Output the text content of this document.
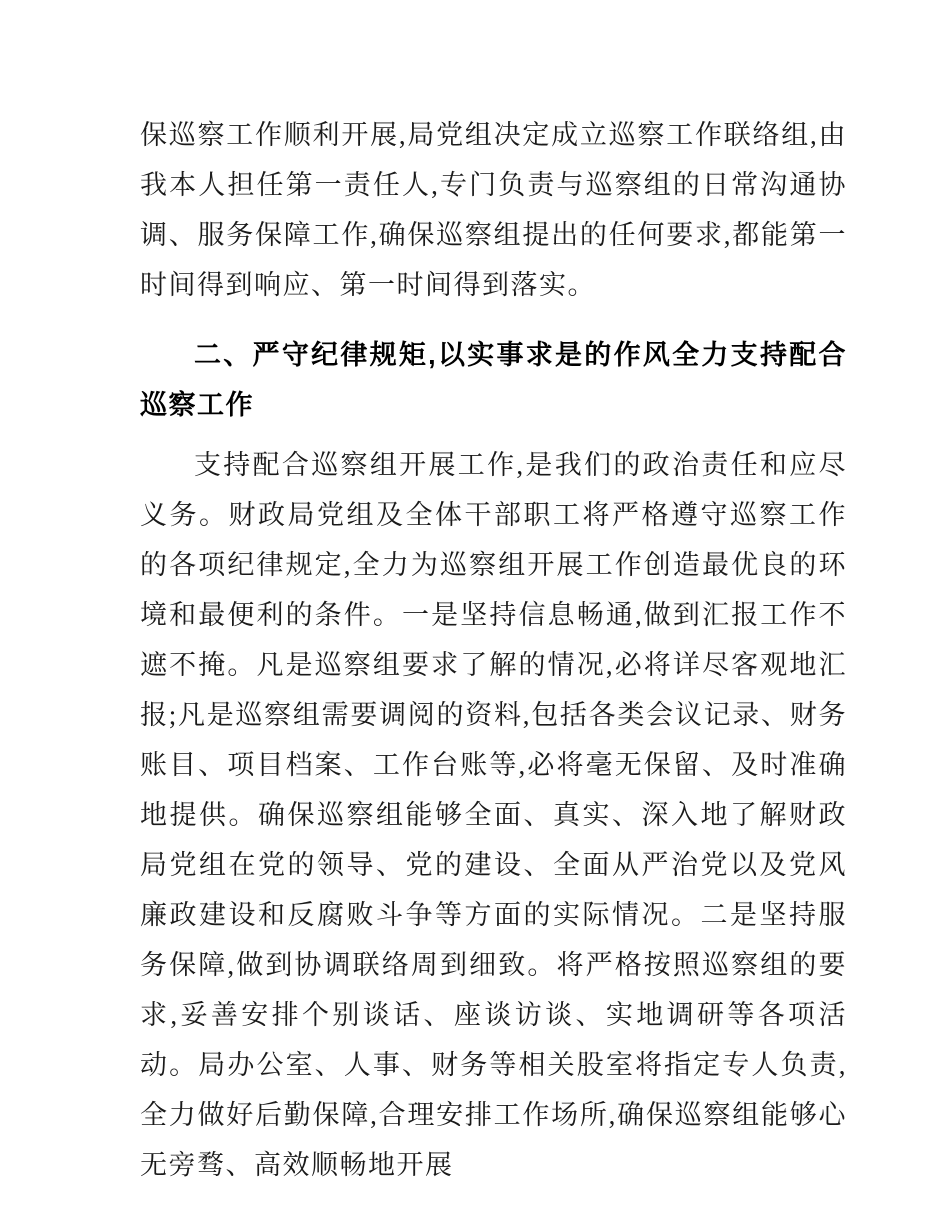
保巡察工作顺利开展,局党组决定成立巡察工作联络组,由我本人担任第一责任人,专门负责与巡察组的日常沟通协调、服务保障工作,确保巡察组提出的任何要求,都能第一时间得到响应、第一时间得到落实。

二、严守纪律规矩,以实事求是的作风全力支持配合巡察工作

支持配合巡察组开展工作,是我们的政治责任和应尽义务。财政局党组及全体干部职工将严格遵守巡察工作的各项纪律规定,全力为巡察组开展工作创造最优良的环境和最便利的条件。一是坚持信息畅通,做到汇报工作不遮不掩。凡是巡察组要求了解的情况,必将详尽客观地汇报;凡是巡察组需要调阅的资料,包括各类会议记录、财务账目、项目档案、工作台账等,必将毫无保留、及时准确地提供。确保巡察组能够全面、真实、深入地了解财政局党组在党的领导、党的建设、全面从严治党以及党风廉政建设和反腐败斗争等方面的实际情况。二是坚持服务保障,做到协调联络周到细致。将严格按照巡察组的要求,妥善安排个别谈话、座谈访谈、实地调研等各项活动。局办公室、人事、财务等相关股室将指定专人负责,全力做好后勤保障,合理安排工作场所,确保巡察组能够心无旁骛、高效顺畅地开展
